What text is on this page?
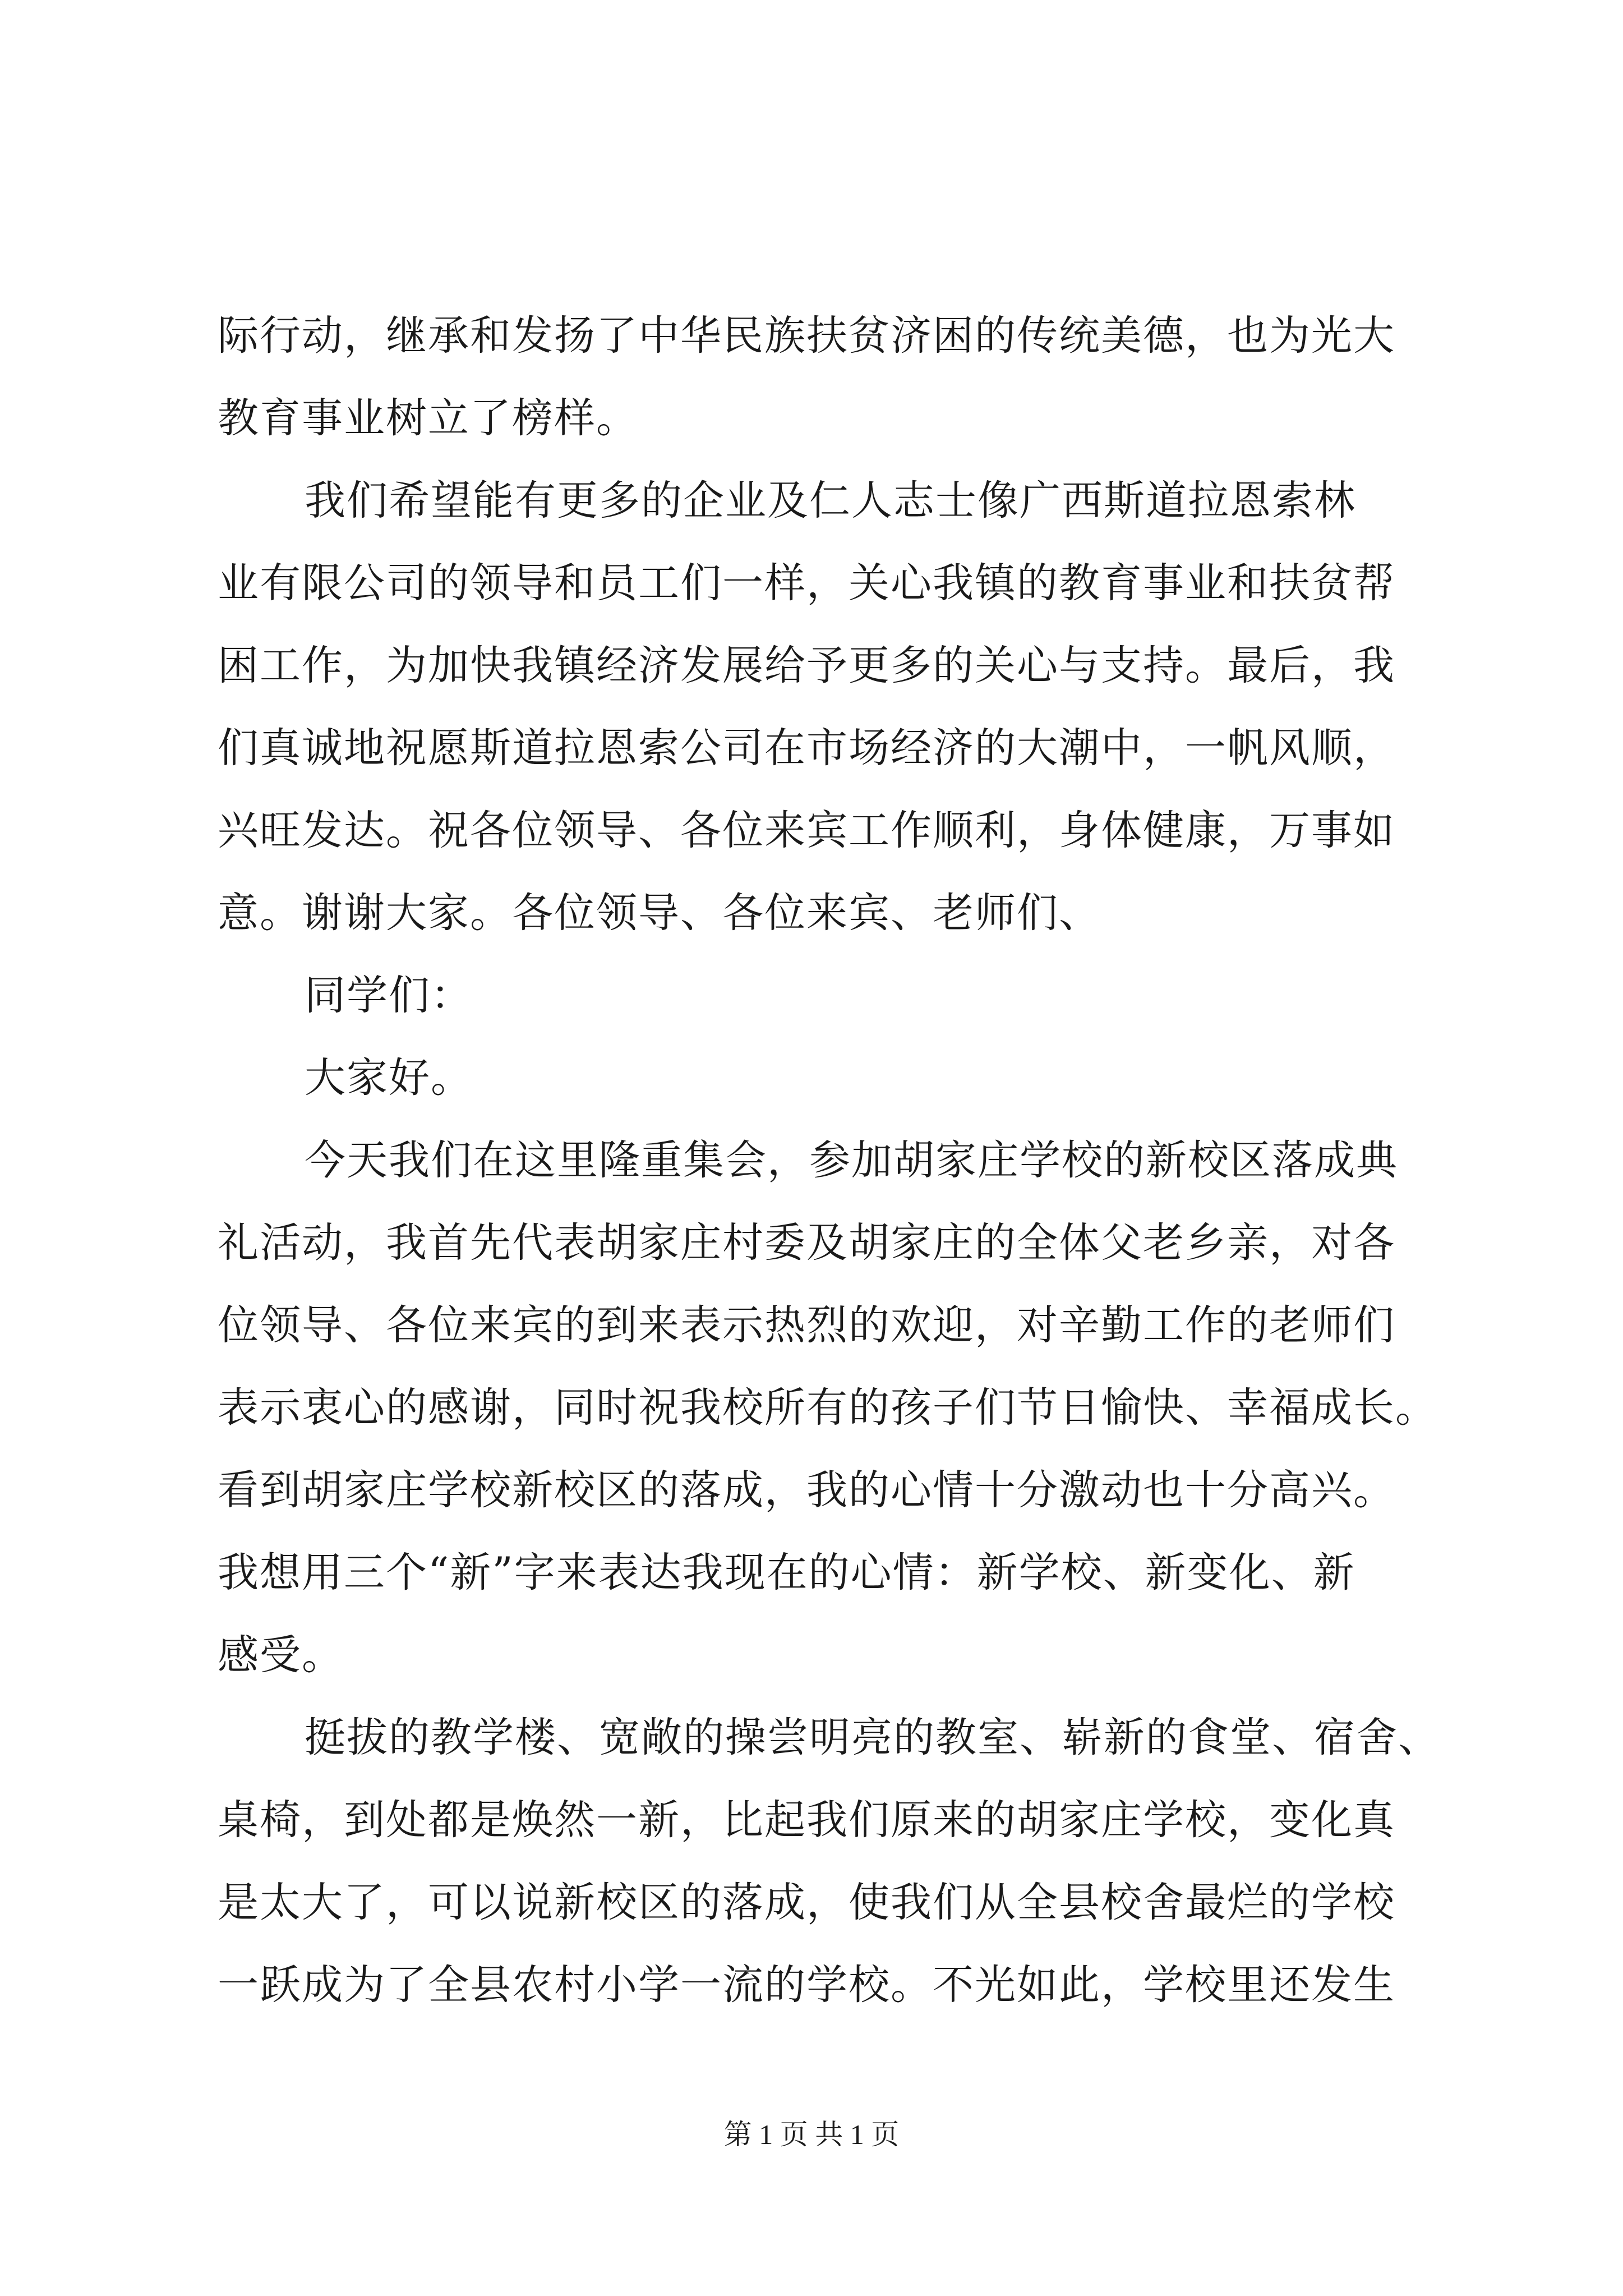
际行动，继承和发扬了中华民族扶贫济困的传统美德，也为光大
教育事业树立了榜样。
我们希望能有更多的企业及仁人志士像广西斯道拉恩索林
业有限公司的领导和员工们一样，关心我镇的教育事业和扶贫帮
困工作，为加快我镇经济发展给予更多的关心与支持。最后，我
们真诚地祝愿斯道拉恩索公司在市场经济的大潮中，一帆风顺，
兴旺发达。祝各位领导、各位来宾工作顺利，身体健康，万事如
意。谢谢大家。各位领导、各位来宾、老师们、
同学们：
大家好。
今天我们在这里隆重集会，参加胡家庄学校的新校区落成典
礼活动，我首先代表胡家庄村委及胡家庄的全体父老乡亲，对各
位领导、各位来宾的到来表示热烈的欢迎，对辛勤工作的老师们
表示衷心的感谢，同时祝我校所有的孩子们节日愉快、幸福成长。
看到胡家庄学校新校区的落成，我的心情十分激动也十分高兴。
我想用三个“新”字来表达我现在的心情：新学校、新变化、新
感受。
挺拔的教学楼、宽敞的操尝明亮的教室、崭新的食堂、宿舍、
桌椅，到处都是焕然一新，比起我们原来的胡家庄学校，变化真
是太大了，可以说新校区的落成，使我们从全县校舍最烂的学校
一跃成为了全县农村小学一流的学校。不光如此，学校里还发生
第 1 页 共 1 页
